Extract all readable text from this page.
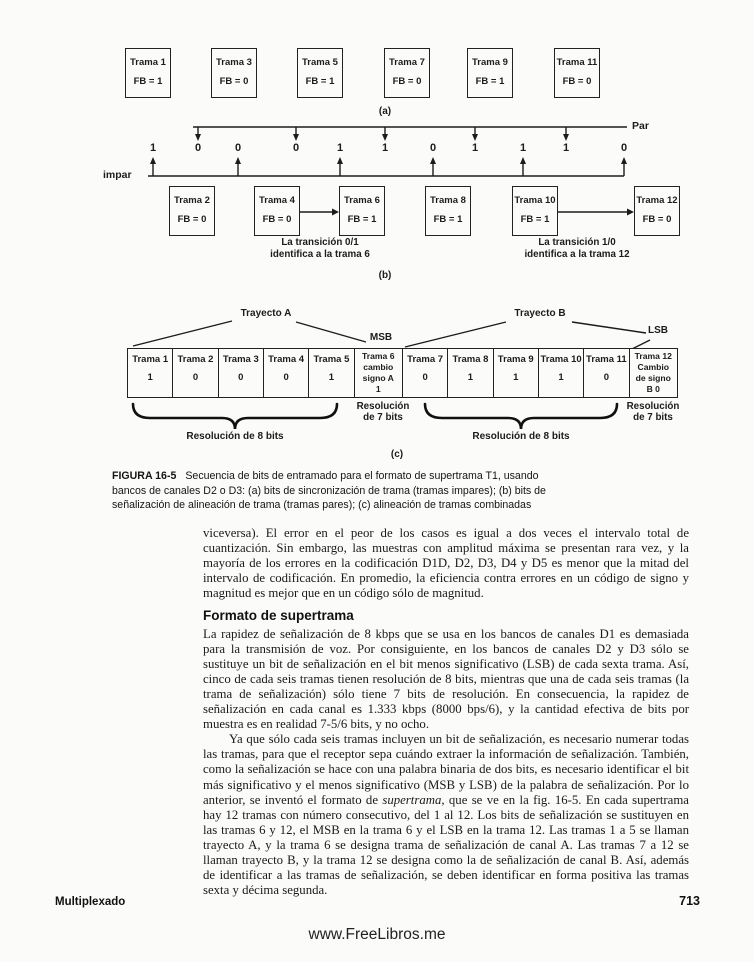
Trama 1
FB = 1
Trama 3
FB = 0
Trama 5
FB = 1
Trama 7
FB = 0
Trama 9
FB = 1
Trama 11
FB = 0
(a)
Par
impar
1	0	0	0	1	1	0	1	1	1	0
Trama 2
FB = 0
Trama 4
FB = 0
Trama 6
FB = 1
Trama 8
FB = 1
Trama 10
FB = 1
Trama 12
FB = 0
La transición 0/1
identifica a la trama 6
La transición 1/0
identifica a la trama 12
(b)
Trayecto A	Trayecto B
MSB
LSB
Trama 1
1
Trama 2
0
Trama 3
0
Trama 4
0
Trama 5
1
Trama 6
cambio
signo A
1
Trama 7
0
Trama 8
1
Trama 9
1
Trama 10
1
Trama 11
0
Trama 12
Cambio
de signo
B 0
Resolución de 8 bits	Resolución de 8 bits
Resolución
de 7 bits
Resolución
de 7 bits
(c)
FIGURA 16-5 Secuencia de bits de entramado para el formato de supertrama T1, usando
bancos de canales D2 o D3: (a) bits de sincronización de trama (tramas impares); (b) bits de
señalización de alineación de trama (tramas pares); (c) alineación de tramas combinadas

viceversa). El error en el peor de los casos es igual a dos veces el intervalo total de cuantización. Sin embargo, las muestras con amplitud máxima se presentan rara vez, y la mayoría de los errores en la codificación D1D, D2, D3, D4 y D5 es menor que la mitad del intervalo de codificación. En promedio, la eficiencia contra errores en un código de signo y magnitud es mejor que en un código sólo de magnitud.

Formato de supertrama

La rapidez de señalización de 8 kbps que se usa en los bancos de canales D1 es demasiada para la transmisión de voz. Por consiguiente, en los bancos de canales D2 y D3 sólo se sustituye un bit de señalización en el bit menos significativo (LSB) de cada sexta trama. Así, cinco de cada seis tramas tienen resolución de 8 bits, mientras que una de cada seis tramas (la trama de señalización) sólo tiene 7 bits de resolución. En consecuencia, la rapidez de señalización en cada canal es 1.333 kbps (8000 bps/6), y la cantidad efectiva de bits por muestra es en realidad 7-5/6 bits, y no ocho.

Ya que sólo cada seis tramas incluyen un bit de señalización, es necesario numerar todas las tramas, para que el receptor sepa cuándo extraer la información de señalización. También, como la señalización se hace con una palabra binaria de dos bits, es necesario identificar el bit más significativo y el menos significativo (MSB y LSB) de la palabra de señalización. Por lo anterior, se inventó el formato de supertrama, que se ve en la fig. 16-5. En cada supertrama hay 12 tramas con número consecutivo, del 1 al 12. Los bits de señalización se sustituyen en las tramas 6 y 12, el MSB en la trama 6 y el LSB en la trama 12. Las tramas 1 a 5 se llaman trayecto A, y la trama 6 se designa trama de señalización de canal A. Las tramas 7 a 12 se llaman trayecto B, y la trama 12 se designa como la de señalización de canal B. Así, además de identificar a las tramas de señalización, se deben identificar en forma positiva las tramas sexta y décima segunda.

Multiplexado	713
www.FreeLibros.me
